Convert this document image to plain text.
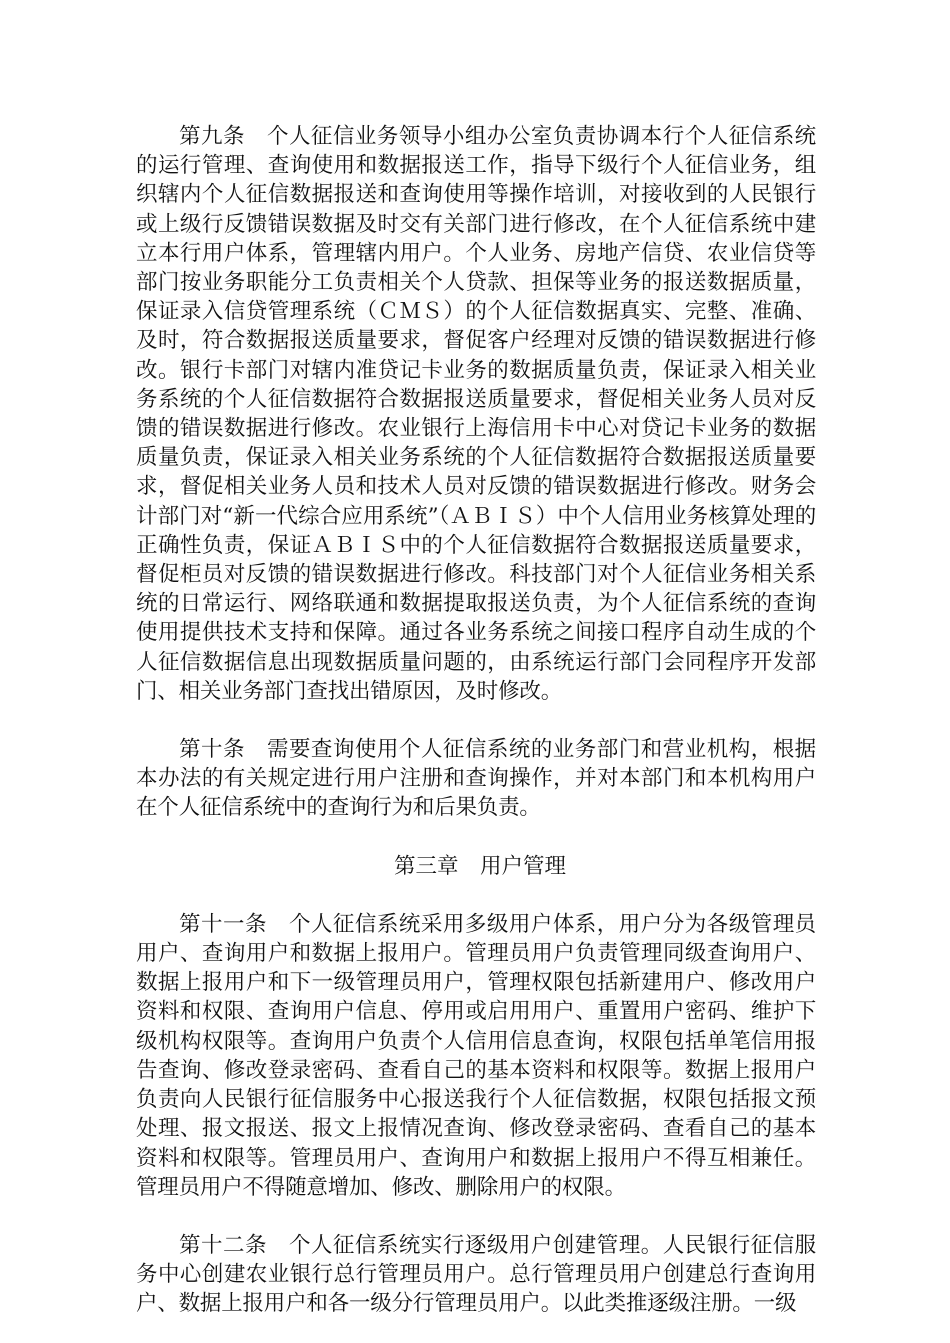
第九条　个人征信业务领导小组办公室负责协调本行个人征信系统的运行管理、查询使用和数据报送工作，指导下级行个人征信业务，组织辖内个人征信数据报送和查询使用等操作培训，对接收到的人民银行或上级行反馈错误数据及时交有关部门进行修改，在个人征信系统中建立本行用户体系，管理辖内用户。个人业务、房地产信贷、农业信贷等部门按业务职能分工负责相关个人贷款、担保等业务的报送数据质量，保证录入信贷管理系统（ＣＭＳ）的个人征信数据真实、完整、准确、及时，符合数据报送质量要求，督促客户经理对反馈的错误数据进行修改。银行卡部门对辖内准贷记卡业务的数据质量负责，保证录入相关业务系统的个人征信数据符合数据报送质量要求，督促相关业务人员对反馈的错误数据进行修改。农业银行上海信用卡中心对贷记卡业务的数据质量负责，保证录入相关业务系统的个人征信数据符合数据报送质量要求，督促相关业务人员和技术人员对反馈的错误数据进行修改。财务会计部门对“新一代综合应用系统”（ＡＢＩＳ）中个人信用业务核算处理的正确性负责，保证ＡＢＩＳ中的个人征信数据符合数据报送质量要求，督促柜员对反馈的错误数据进行修改。科技部门对个人征信业务相关系统的日常运行、网络联通和数据提取报送负责，为个人征信系统的查询使用提供技术支持和保障。通过各业务系统之间接口程序自动生成的个人征信数据信息出现数据质量问题的，由系统运行部门会同程序开发部门、相关业务部门查找出错原因，及时修改。

第十条　需要查询使用个人征信系统的业务部门和营业机构，根据本办法的有关规定进行用户注册和查询操作，并对本部门和本机构用户在个人征信系统中的查询行为和后果负责。

第三章　用户管理

第十一条　个人征信系统采用多级用户体系，用户分为各级管理员用户、查询用户和数据上报用户。管理员用户负责管理同级查询用户、数据上报用户和下一级管理员用户，管理权限包括新建用户、修改用户资料和权限、查询用户信息、停用或启用用户、重置用户密码、维护下级机构权限等。查询用户负责个人信用信息查询，权限包括单笔信用报告查询、修改登录密码、查看自己的基本资料和权限等。数据上报用户负责向人民银行征信服务中心报送我行个人征信数据，权限包括报文预处理、报文报送、报文上报情况查询、修改登录密码、查看自己的基本资料和权限等。管理员用户、查询用户和数据上报用户不得互相兼任。管理员用户不得随意增加、修改、删除用户的权限。

第十二条　个人征信系统实行逐级用户创建管理。人民银行征信服务中心创建农业银行总行管理员用户。总行管理员用户创建总行查询用户、数据上报用户和各一级分行管理员用户。以此类推逐级注册。一级
